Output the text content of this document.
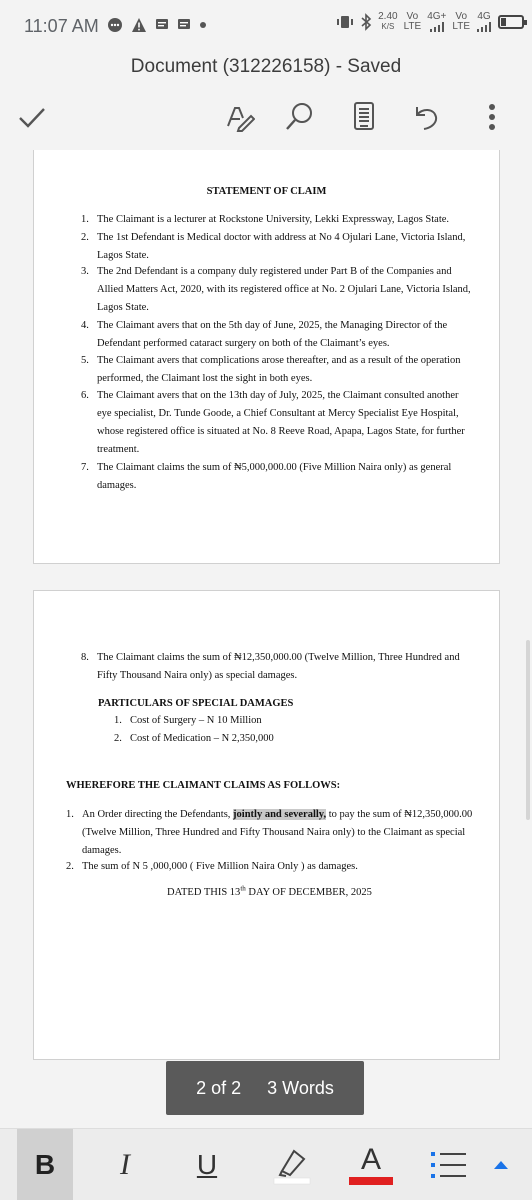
11:07 AM	2.40
K/S
Vo
LTE
4G+ Vo
LTE
4G
Document (312226158) - Saved
STATEMENT OF CLAIM
1. The Claimant is a lecturer at Rockstone University, Lekki Expressway, Lagos State.
2. The 1st Defendant is Medical doctor with address at No 4 Ojulari Lane, Victoria Island,
Lagos State.
3. The 2nd Defendant is a company duly registered under Part B of the Companies and
Allied Matters Act, 2020, with its registered office at No. 2 Ojulari Lane, Victoria Island,
Lagos State.
4. The Claimant avers that on the 5th day of June, 2025, the Managing Director of the
Defendant performed cataract surgery on both of the Claimant’s eyes.
5. The Claimant avers that complications arose thereafter, and as a result of the operation
performed, the Claimant lost the sight in both eyes.
6. The Claimant avers that on the 13th day of July, 2025, the Claimant consulted another
eye specialist, Dr. Tunde Goode, a Chief Consultant at Mercy Specialist Eye Hospital,
whose registered office is situated at No. 8 Reeve Road, Apapa, Lagos State, for further
treatment.
7. The Claimant claims the sum of ₦5,000,000.00 (Five Million Naira only) as general
damages.
8. The Claimant claims the sum of ₦12,350,000.00 (Twelve Million, Three Hundred and
Fifty Thousand Naira only) as special damages.
PARTICULARS OF SPECIAL DAMAGES
1. Cost of Surgery – N 10 Million
2. Cost of Medication – N 2,350,000
WHEREFORE THE CLAIMANT CLAIMS AS FOLLOWS:
1. An Order directing the Defendants, jointly and severally, to pay the sum of ₦12,350,000.00
(Twelve Million, Three Hundred and Fifty Thousand Naira only) to the Claimant as special
damages.
2. The sum of N 5 ,000,000 ( Five Million Naira Only ) as damages.
DATED THIS 13th DAY OF DECEMBER, 2025
2 of 2 3 Words
B	I	U	A
